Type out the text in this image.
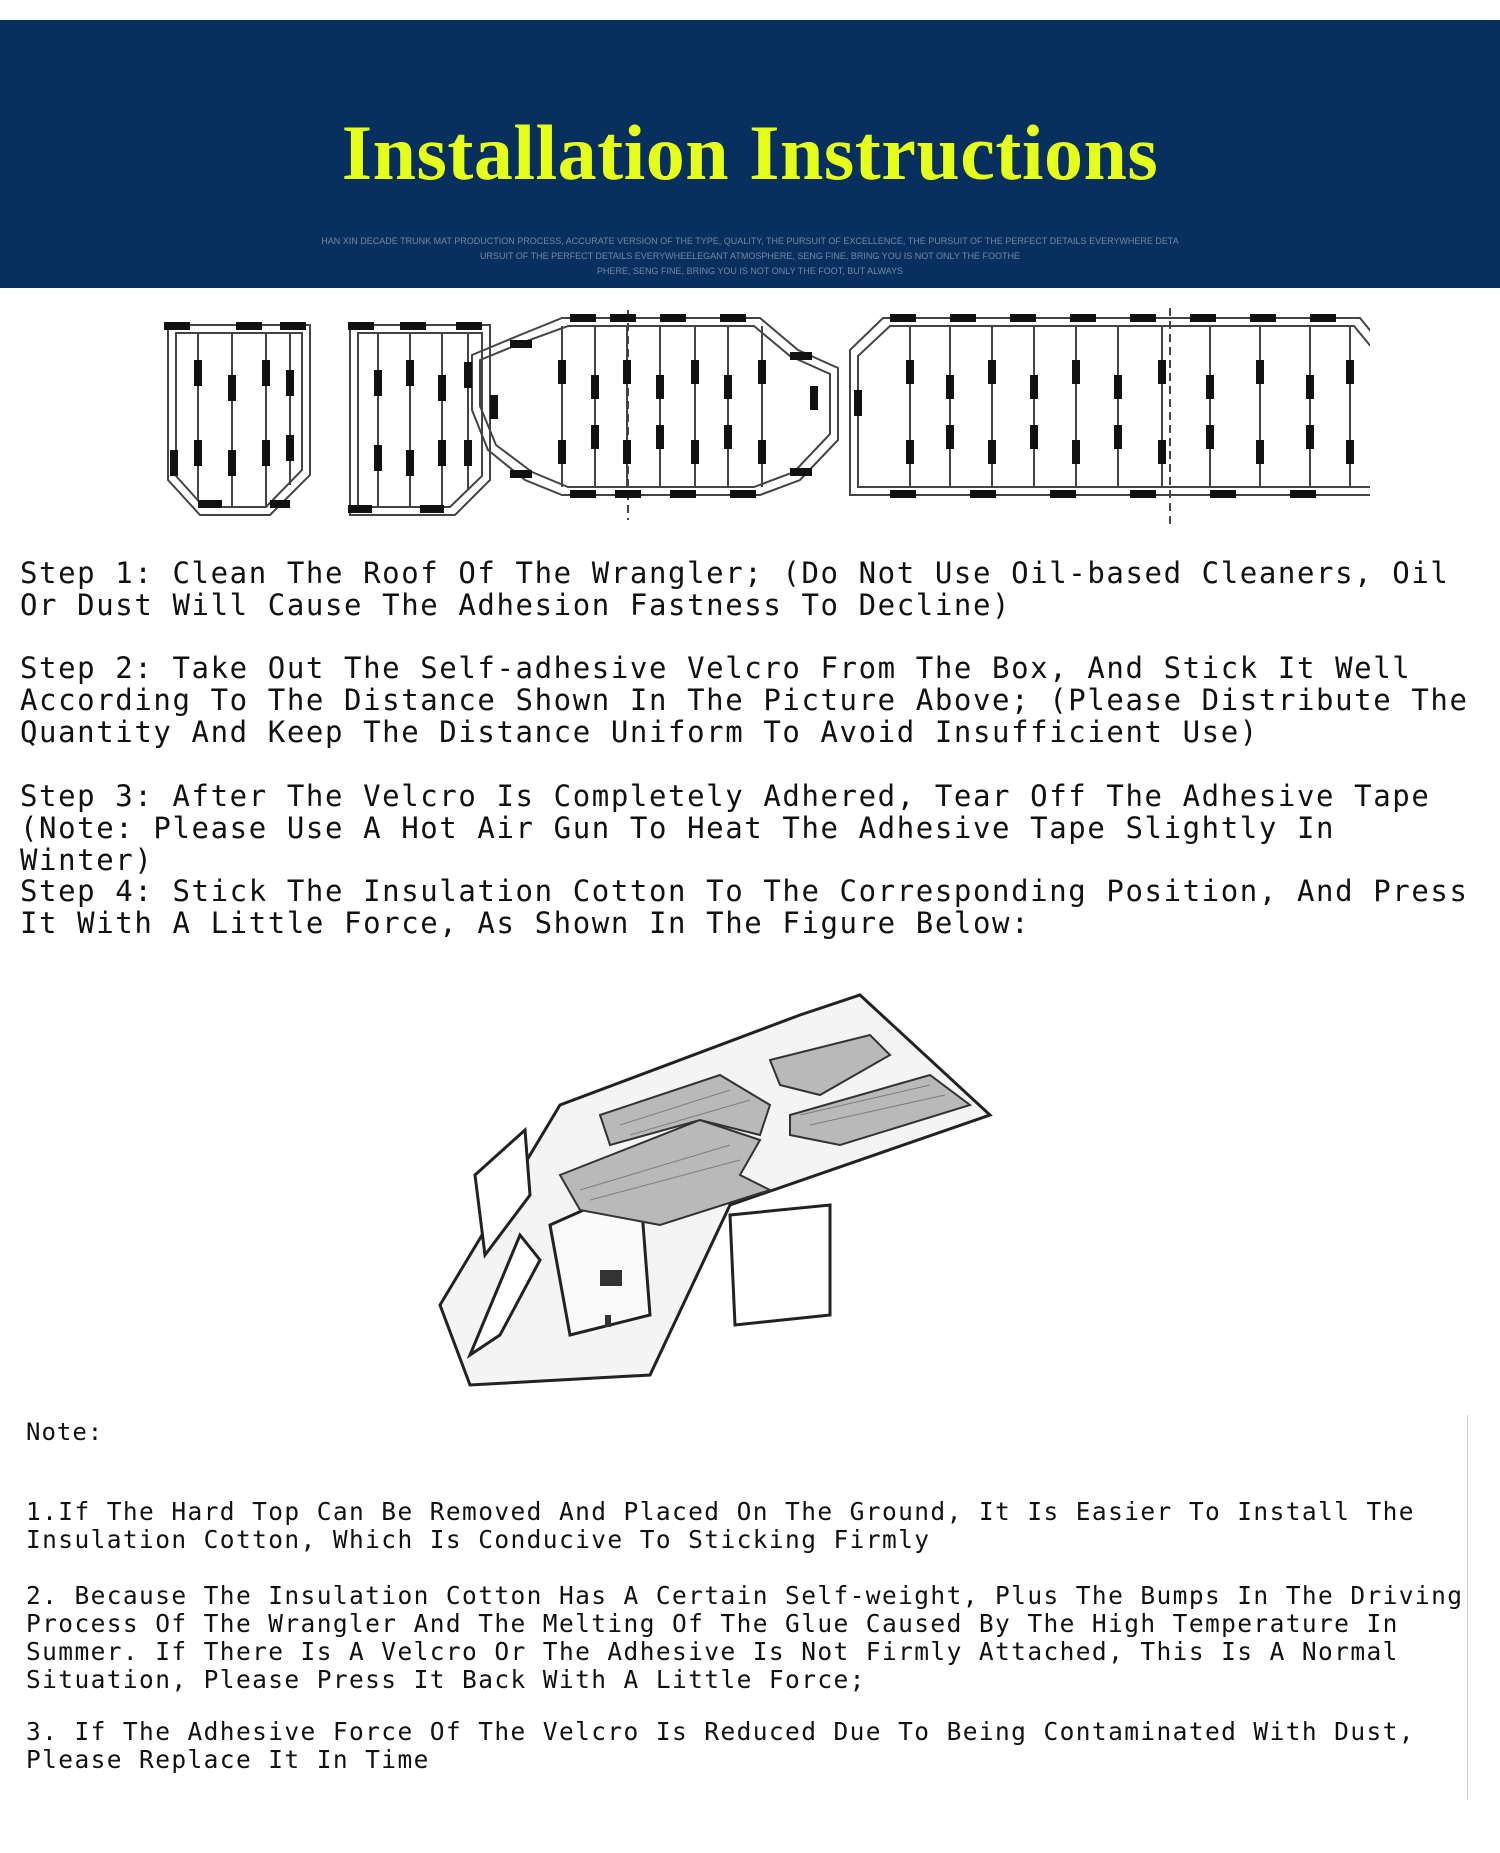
Installation Instructions
HAN XIN DECADE TRUNK MAT PRODUCTION PROCESS, ACCURATE VERSION OF THE TYPE, QUALITY, THE PURSUIT OF EXCELLENCE, THE PURSUIT OF THE PERFECT DETAILS EVERYWHERE DETA
URSUIT OF THE PERFECT DETAILS EVERYWHEELEGANT ATMOSPHERE, SENG FINE, BRING YOU IS NOT ONLY THE FOOTHE
PHERE, SENG FINE, BRING YOU IS NOT ONLY THE FOOT, BUT ALWAYS

Step 1: Clean The Roof Of The Wrangler; (Do Not Use Oil-based Cleaners, Oil Or Dust Will Cause The Adhesion Fastness To Decline)

Step 2: Take Out The Self-adhesive Velcro From The Box, And Stick It Well According To The Distance Shown In The Picture Above; (Please Distribute The Quantity And Keep The Distance Uniform To Avoid Insufficient Use)

Step 3: After The Velcro Is Completely Adhered, Tear Off The Adhesive Tape (Note: Please Use A Hot Air Gun To Heat The Adhesive Tape Slightly In Winter)

Step 4: Stick The Insulation Cotton To The Corresponding Position, And Press It With A Little Force, As Shown In The Figure Below:

Note:

1.If The Hard Top Can Be Removed And Placed On The Ground, It Is Easier To Install The Insulation Cotton, Which Is Conducive To Sticking Firmly

2. Because The Insulation Cotton Has A Certain Self-weight, Plus The Bumps In The Driving Process Of The Wrangler And The Melting Of The Glue Caused By The High Temperature In Summer. If There Is A Velcro Or The Adhesive Is Not Firmly Attached, This Is A Normal Situation, Please Press It Back With A Little Force;

3. If The Adhesive Force Of The Velcro Is Reduced Due To Being Contaminated With Dust, Please Replace It In Time
